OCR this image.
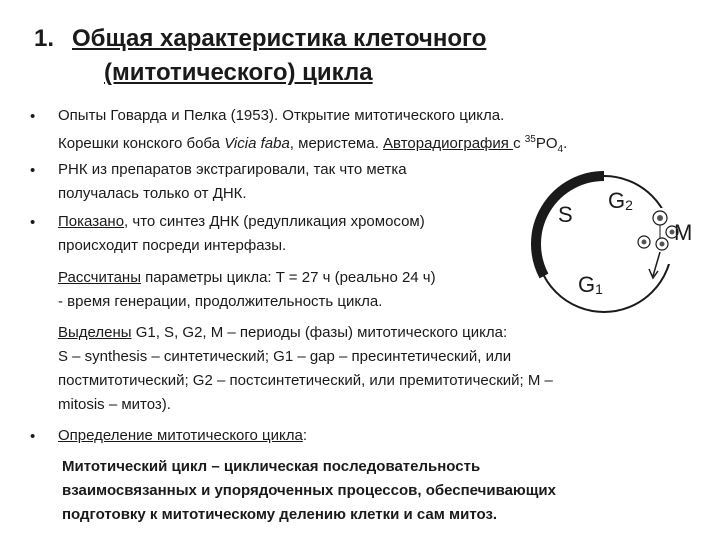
1. Общая характеристика клеточного
(митотического) цикла
• Опыты Говарда и Пелка (1953). Открытие митотического цикла.
Корешки конского боба Vicia faba, меристема. Авторадиография с $^{35}PO_4$.
• РНК из препаратов экстрагировали, так что метка
получалась только от ДНК.
• Показано, что синтез ДНК (редупликация хромосом)
происходит посреди интерфазы.
Рассчитаны параметры цикла: T = 27 ч (реально 24 ч)
- время генерации, продолжительность цикла.
Выделены G1, S, G2, M – периоды (фазы) митотического цикла:
S – synthesis – синтетический; G1 – gap – пресинтетический, или
постмитотический; G2 – постсинтетический, или премитотический; M –
mitosis – митоз).
• Определение митотического цикла:
Митотический цикл – циклическая последовательность
взаимосвязанных и упорядоченных процессов, обеспечивающих
подготовку к митотическому делению клетки и сам митоз.
S
G2
M
G1
